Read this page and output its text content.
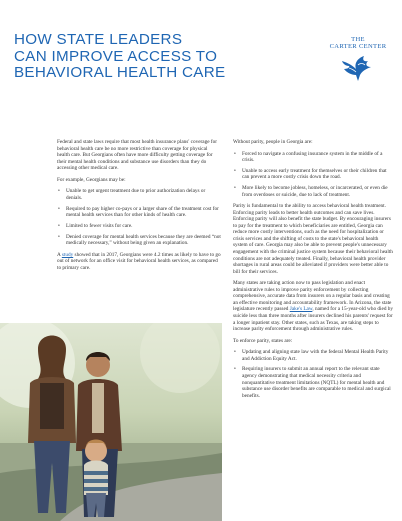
HOW STATE LEADERS
CAN IMPROVE ACCESS TO
BEHAVIORAL HEALTH CARE
THE
CARTER CENTER

Federal and state laws require that most health insurance plans' coverage for behavioral health care be no more restrictive than coverage for physical health care. But Georgians often have more difficulty getting coverage for their mental health conditions and substance use disorders than they do accessing other medical care.

For example, Georgians may be:

• Unable to get urgent treatment due to prior authorization delays or denials.
• Required to pay higher co-pays or a larger share of the treatment cost for mental health services than for other kinds of health care.
• Limited to fewer visits for care.
• Denied coverage for mental health services because they are deemed “not medically necessary,” without being given an explanation.

A study showed that in 2017, Georgians were 4.2 times as likely to have to go out of network for an office visit for behavioral health services, as compared to primary care.

Without parity, people in Georgia are:

• Forced to navigate a confusing insurance system in the middle of a crisis.
• Unable to access early treatment for themselves or their children that can prevent a more costly crisis down the road.
• More likely to become jobless, homeless, or incarcerated, or even die from overdoses or suicide, due to lack of treatment.

Parity is fundamental to the ability to access behavioral health treatment. Enforcing parity leads to better health outcomes and can save lives. Enforcing parity will also benefit the state budget. By encouraging insurers to pay for the treatment to which beneficiaries are entitled, Georgia can reduce more costly interventions, such as the need for hospitalization or crisis services and the shifting of costs to the state's behavioral health system of care. Georgia may also be able to prevent people's unnecessary engagement with the criminal justice system because their behavioral health conditions are not adequately treated. Finally, behavioral health provider shortages in rural areas could be alleviated if providers were better able to bill for their services.

Many states are taking action now to pass legislation and enact administrative rules to improve parity enforcement by collecting comprehensive, accurate data from insurers on a regular basis and creating an effective monitoring and accountability framework. In Arizona, the state legislature recently passed Jake's Law, named for a 15-year-old who died by suicide less than three months after insurers declined his parents' request for a longer inpatient stay. Other states, such as Texas, are taking steps to increase parity enforcement through administrative rules.

To enforce parity, states are:

• Updating and aligning state law with the federal Mental Health Parity and Addiction Equity Act.
• Requiring insurers to submit an annual report to the relevant state agency demonstrating that medical necessity criteria and nonquantitative treatment limitations (NQTL) for mental health and substance use disorder benefits are comparable to medical and surgical benefits.
